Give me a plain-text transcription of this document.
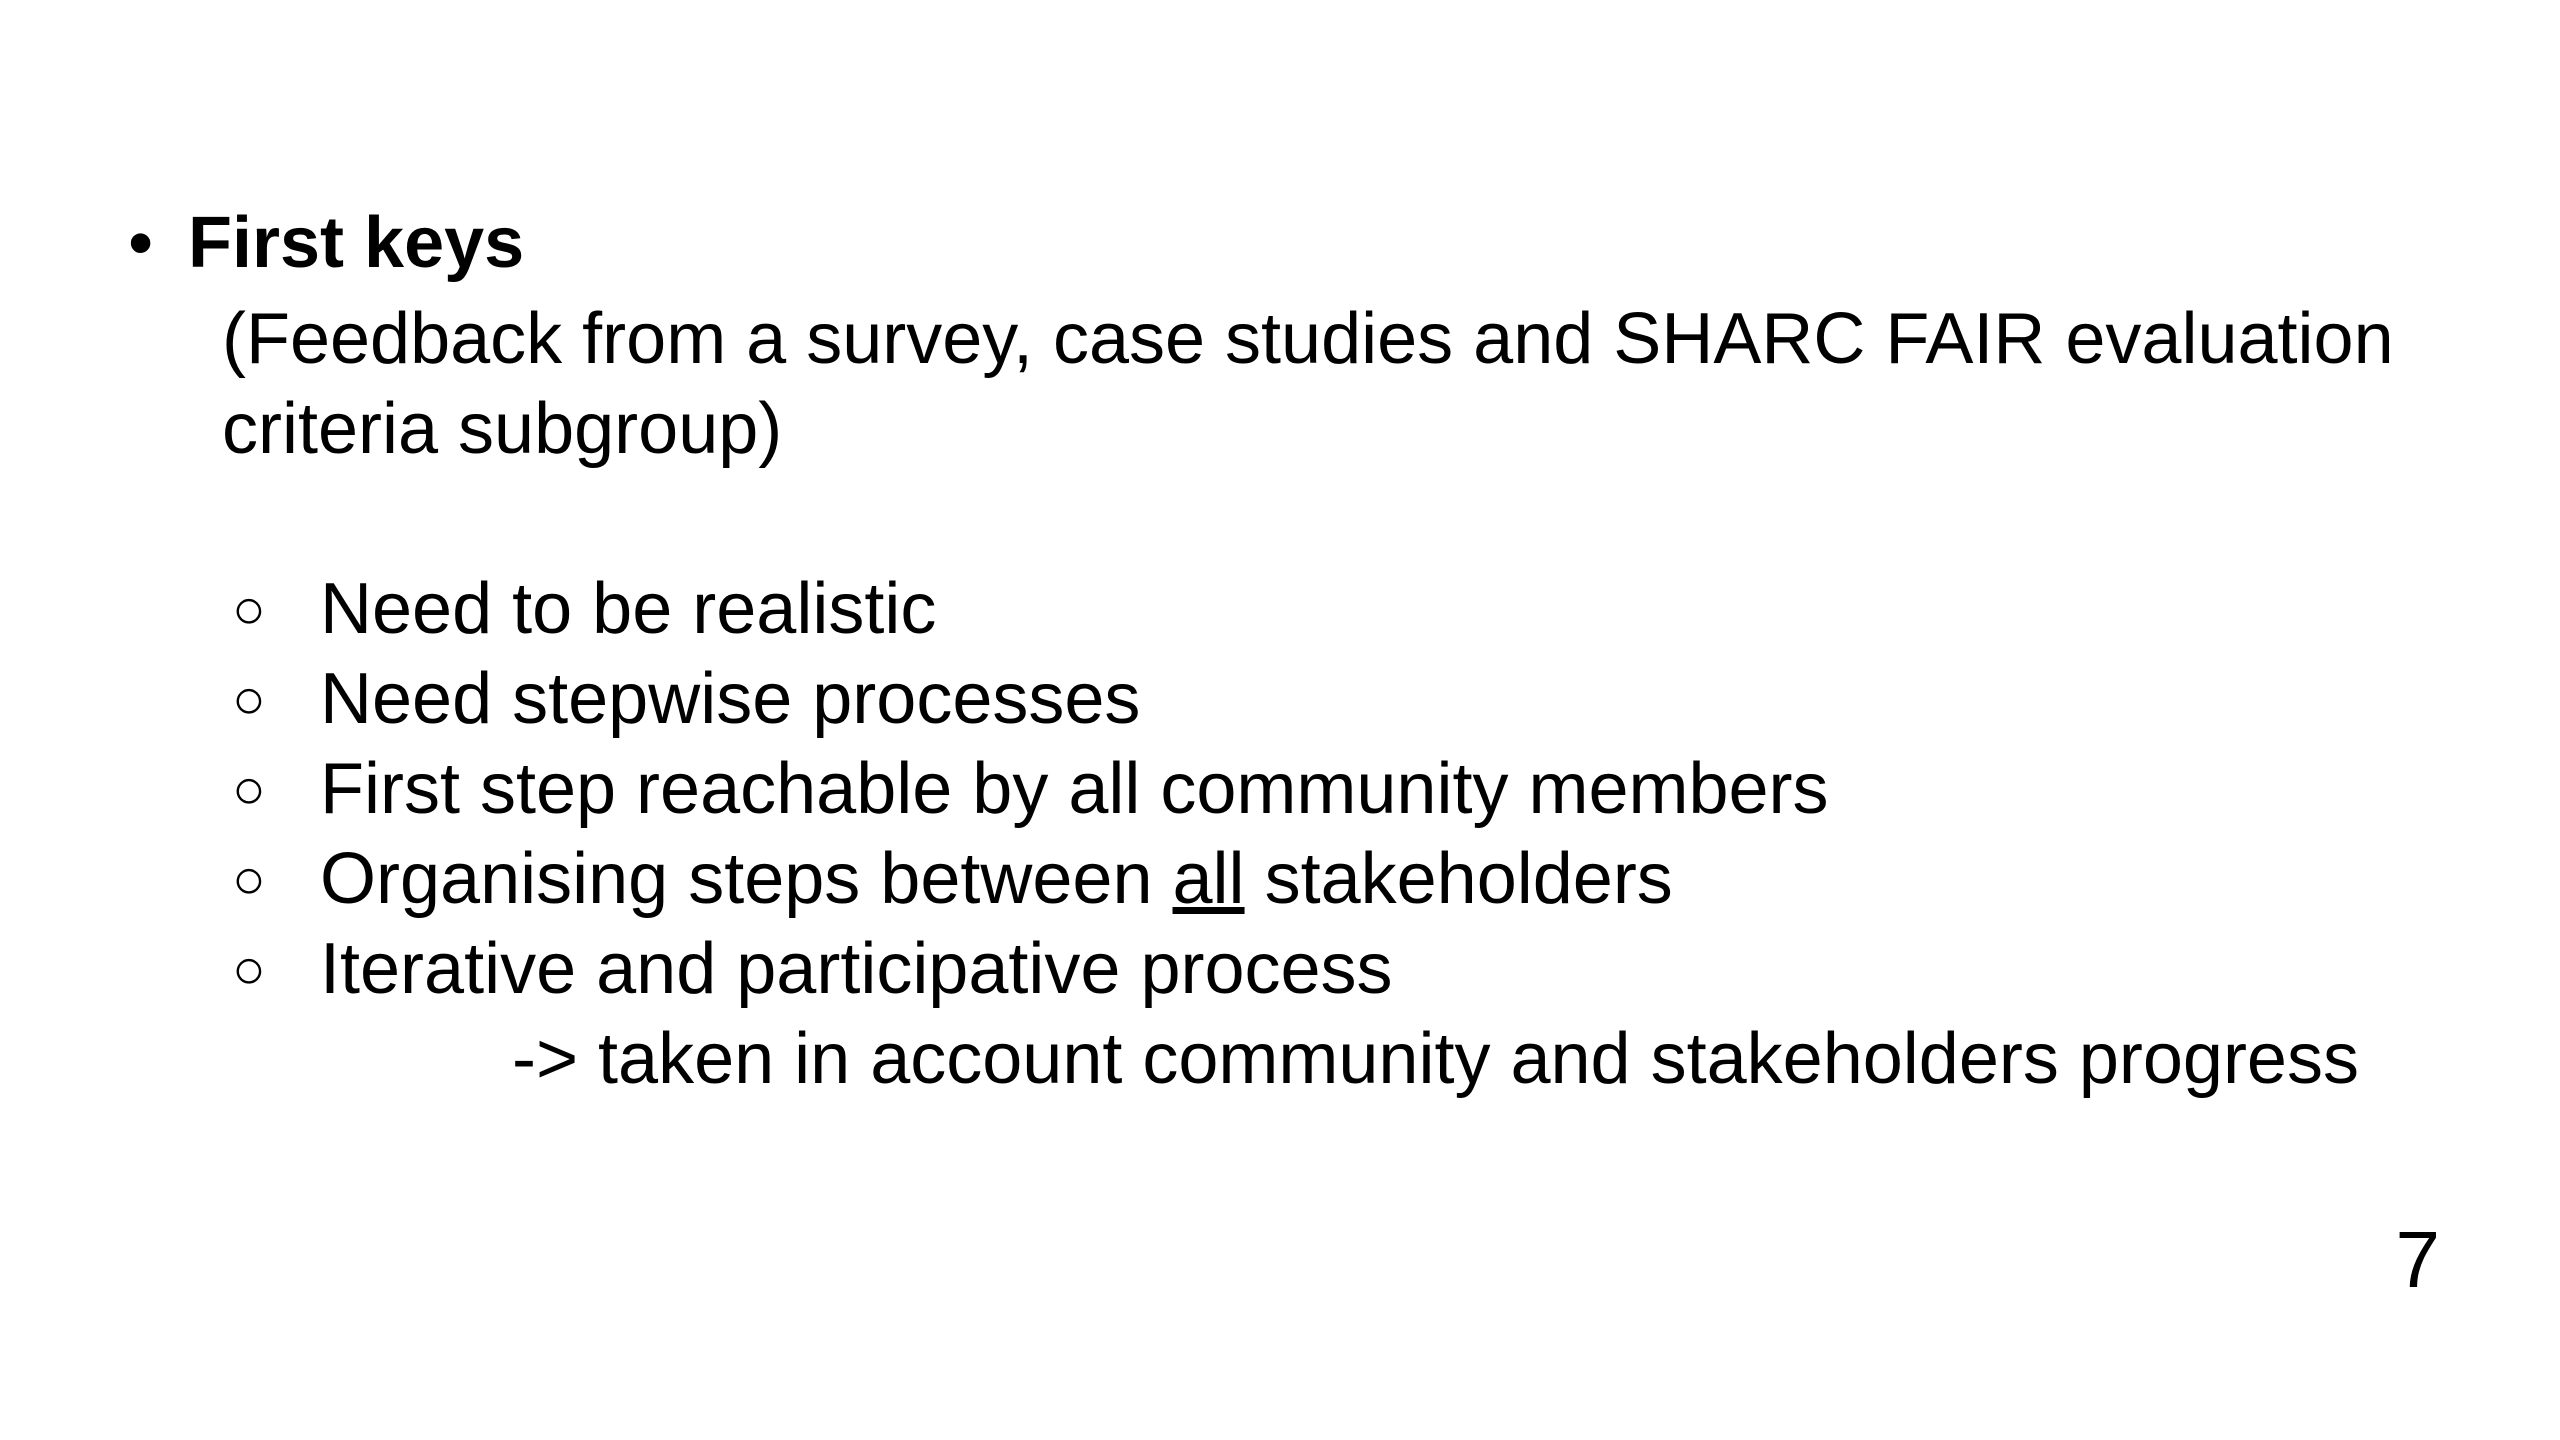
• First keys
(Feedback from a survey, case studies and SHARC FAIR evaluation
criteria subgroup)
○ Need to be realistic
○ Need stepwise processes
○ First step reachable by all community members
○ Organising steps between all stakeholders
○ Iterative and participative process
-> taken in account community and stakeholders progress
7
